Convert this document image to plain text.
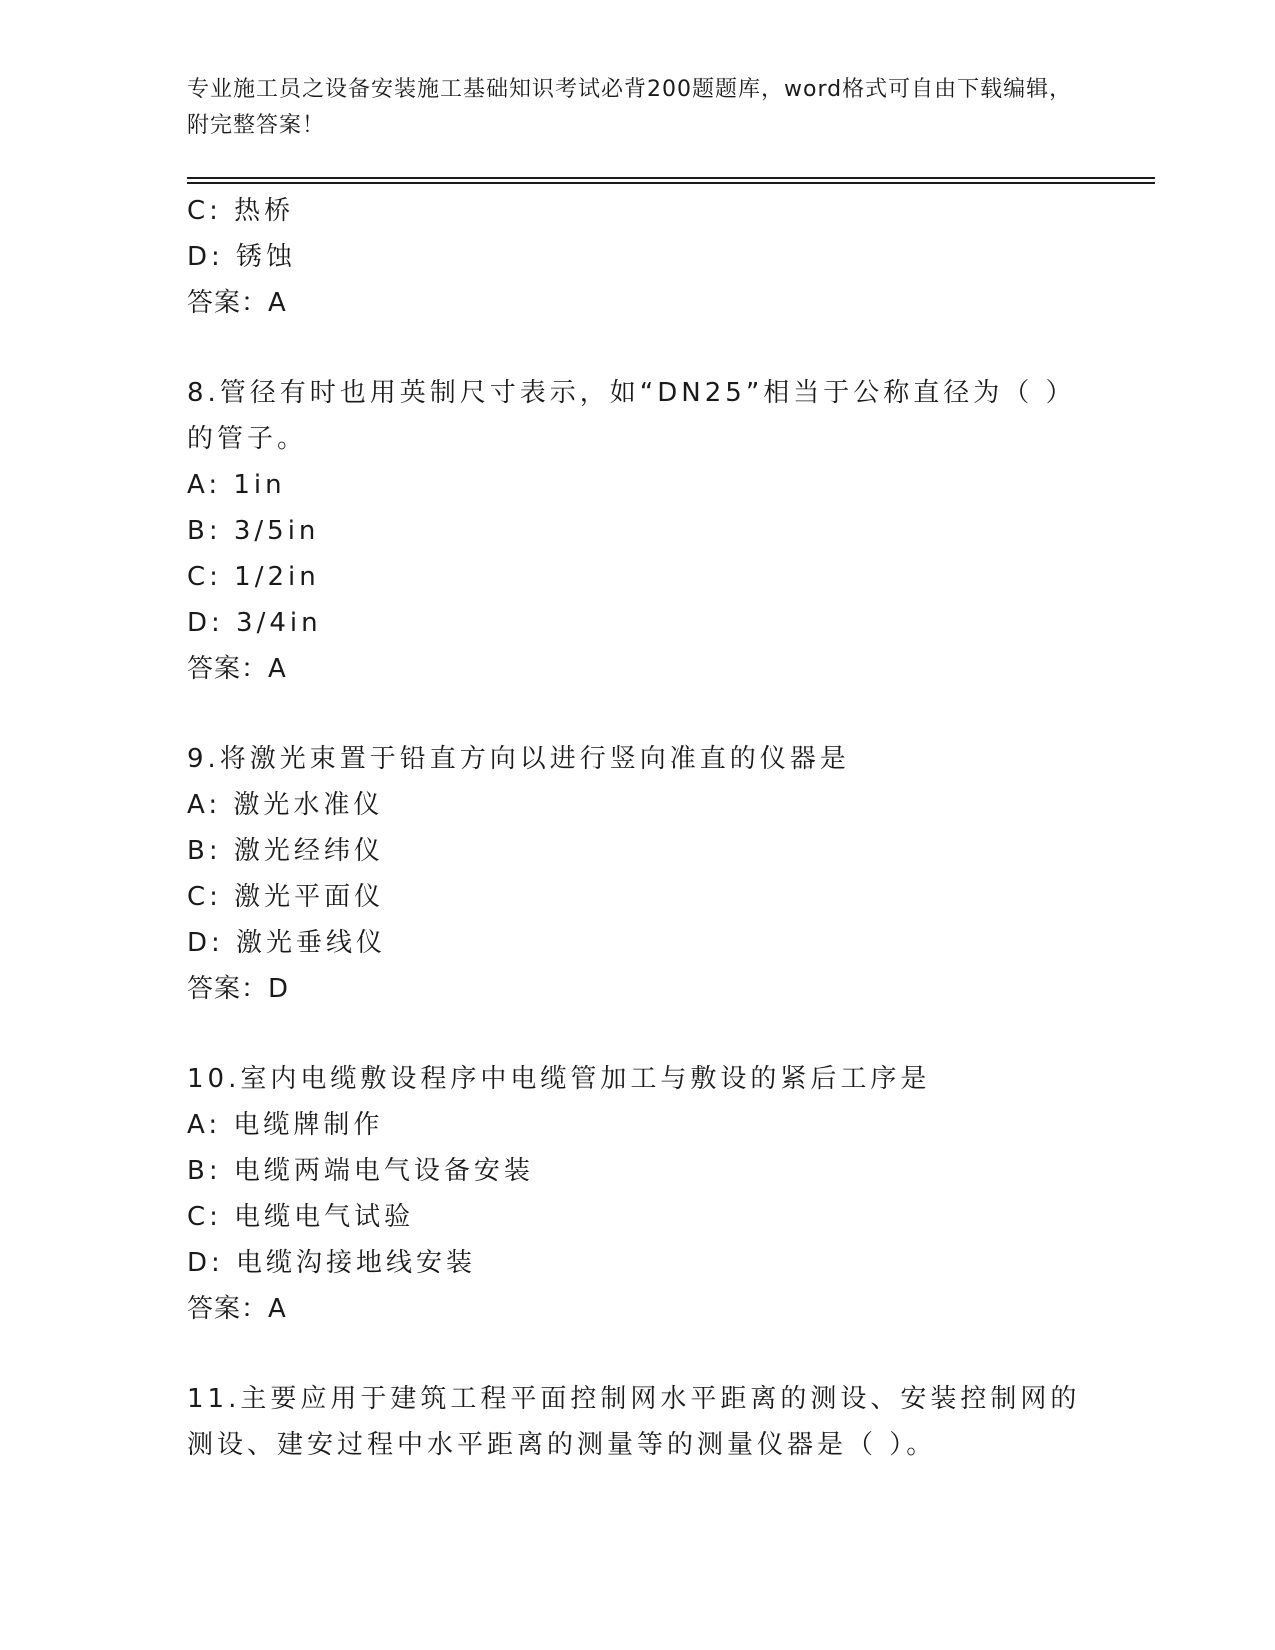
专业施工员之设备安装施工基础知识考试必背200题题库，word格式可自由下载编辑，附完整答案！
C: 热桥
D: 锈蚀
答案：A
8.管径有时也用英制尺寸表示，如“DN25”相当于公称直径为（ ）的管子。
A: 1in
B: 3/5in
C: 1/2in
D: 3/4in
答案：A
9.将激光束置于铅直方向以进行竖向准直的仪器是
A: 激光水准仪
B: 激光经纬仪
C: 激光平面仪
D: 激光垂线仪
答案：D
10.室内电缆敷设程序中电缆管加工与敷设的紧后工序是
A: 电缆牌制作
B: 电缆两端电气设备安装
C: 电缆电气试验
D: 电缆沟接地线安装
答案：A
11.主要应用于建筑工程平面控制网水平距离的测设、安装控制网的测设、建安过程中水平距离的测量等的测量仪器是（ ）。
